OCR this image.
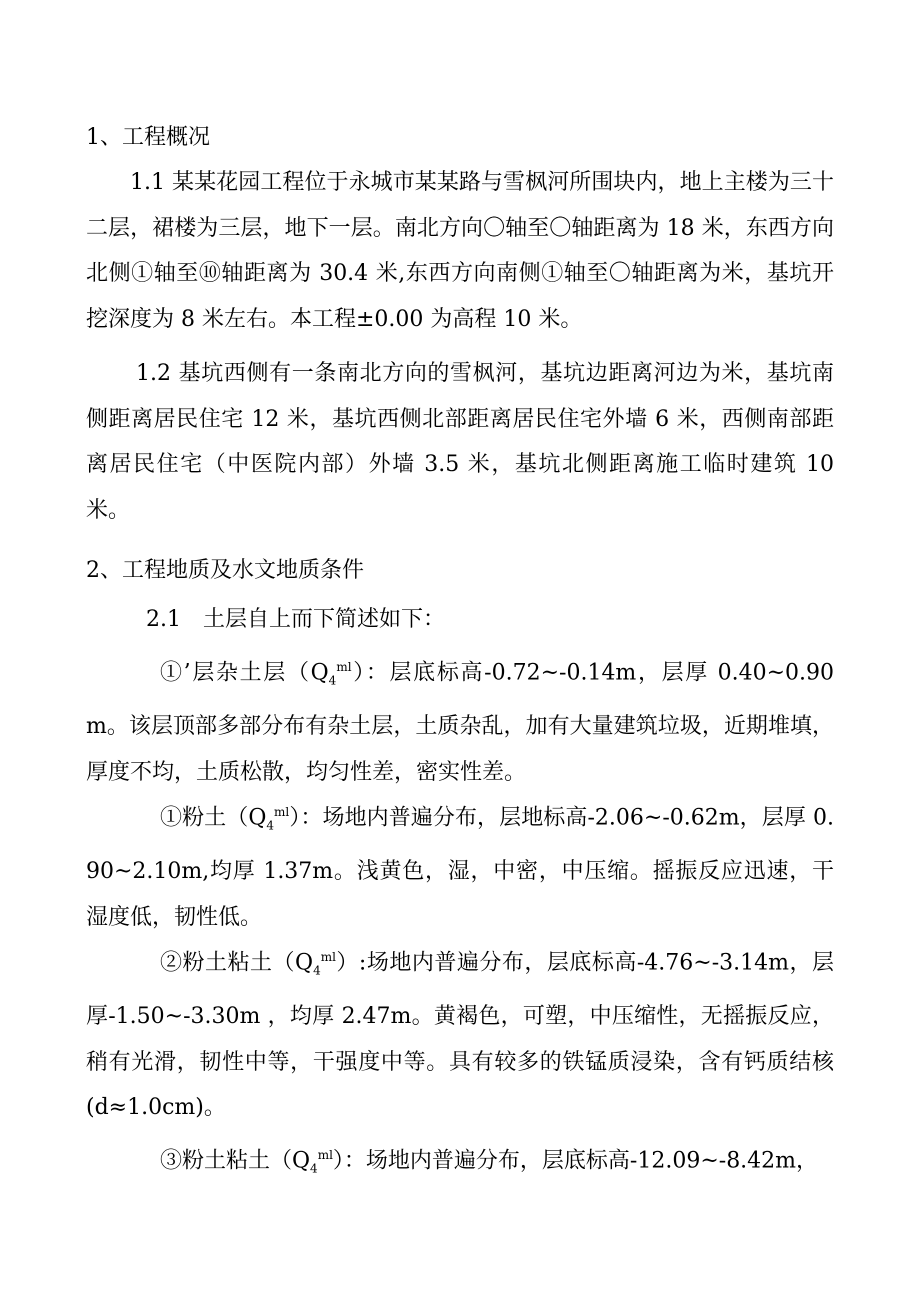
1、工程概况

1.1 某某花园工程位于永城市某某路与雪枫河所围块内，地上主楼为三十二层，裙楼为三层，地下一层。南北方向〇轴至〇轴距离为 18 米，东西方向北侧①轴至⑩轴距离为 30.4 米,东西方向南侧①轴至〇轴距离为米，基坑开挖深度为 8 米左右。本工程±0.00 为高程 10 米。

1.2 基坑西侧有一条南北方向的雪枫河，基坑边距离河边为米，基坑南侧距离居民住宅 12 米，基坑西侧北部距离居民住宅外墙 6 米，西侧南部距离居民住宅（中医院内部）外墙 3.5 米，基坑北侧距离施工临时建筑 10 米。

2、工程地质及水文地质条件

2.1　土层自上而下简述如下：

①’层杂土层$(Q_4^{ml})$：层底标高-0.72~-0.14m，层厚 0.40~0.90m。该层顶部多部分布有杂土层，土质杂乱，加有大量建筑垃圾，近期堆填，厚度不均，土质松散，均匀性差，密实性差。

①粉土$(Q_4^{ml})$：场地内普遍分布，层地标高-2.06~-0.62m，层厚 0.90~2.10m,均厚 1.37m。浅黄色，湿，中密，中压缩。摇振反应迅速，干湿度低，韧性低。

②粉土粘土$(Q_4^{ml})$:场地内普遍分布，层底标高-4.76~-3.14m，层厚-1.50~-3.30m ，均厚 2.47m。黄褐色，可塑，中压缩性，无摇振反应，稍有光滑，韧性中等，干强度中等。具有较多的铁锰质浸染，含有钙质结核(d≈1.0cm)。

③粉土粘土$(Q_4^{ml})$：场地内普遍分布，层底标高-12.09~-8.42m，
